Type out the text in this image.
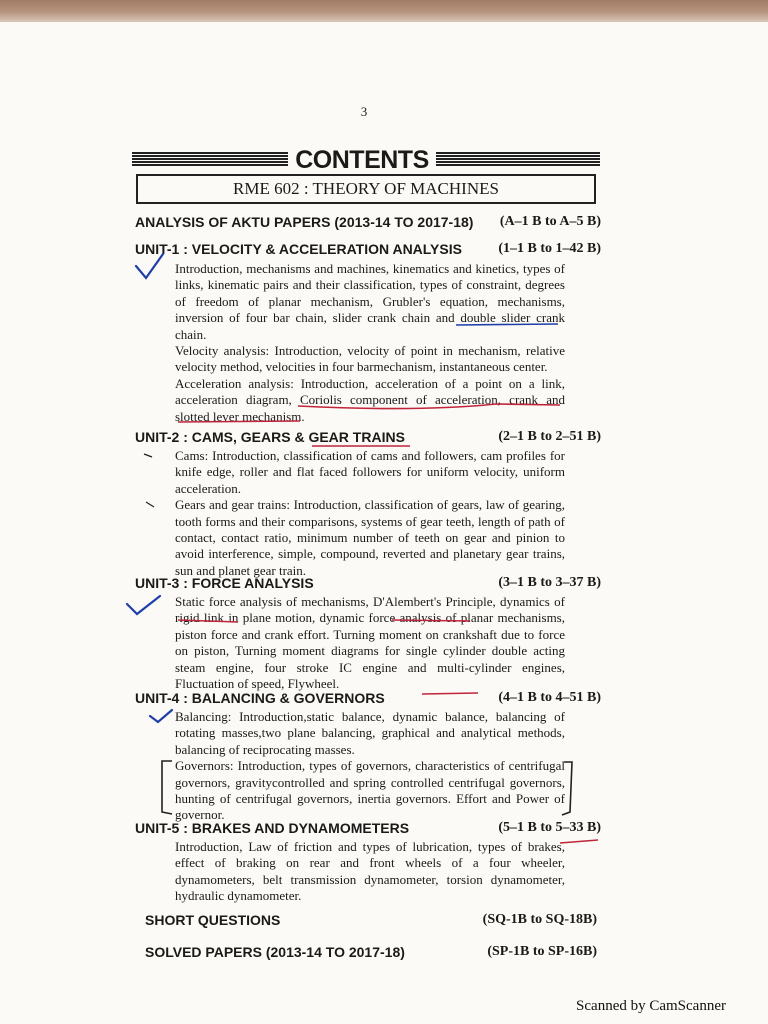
3
CONTENTS
RME 602 : THEORY OF MACHINES
ANALYSIS OF AKTU PAPERS (2013-14 TO 2017-18) (A–1 B to A–5 B)
UNIT-1 : VELOCITY & ACCELERATION ANALYSIS	(1–1 B to 1–42 B)

Introduction, mechanisms and machines, kinematics and kinetics, types of links, kinematic pairs and their classification, types of constraint, degrees of freedom of planar mechanism, Grubler's equation, mechanisms, inversion of four bar chain, slider crank chain and double slider crank chain.

Velocity analysis: Introduction, velocity of point in mechanism, relative velocity method, velocities in four barmechanism, instantaneous center.

Acceleration analysis: Introduction, acceleration of a point on a link, acceleration diagram, Coriolis component of acceleration, crank and slotted lever mechanism.

UNIT-2 : CAMS, GEARS & GEAR TRAINS	(2–1 B to 2–51 B)

Cams: Introduction, classification of cams and followers, cam profiles for knife edge, roller and flat faced followers for uniform velocity, uniform acceleration.

Gears and gear trains: Introduction, classification of gears, law of gearing, tooth forms and their comparisons, systems of gear teeth, length of path of contact, contact ratio, minimum number of teeth on gear and pinion to avoid interference, simple, compound, reverted and planetary gear trains, sun and planet gear train.

UNIT-3 : FORCE ANALYSIS	(3–1 B to 3–37 B)

Static force analysis of mechanisms, D'Alembert's Principle, dynamics of rigid link in plane motion, dynamic force analysis of planar mechanisms, piston force and crank effort. Turning moment on crankshaft due to force on piston, Turning moment diagrams for single cylinder double acting steam engine, four stroke IC engine and multi-cylinder engines, Fluctuation of speed, Flywheel.

UNIT-4 : BALANCING & GOVERNORS	(4–1 B to 4–51 B)

Balancing: Introduction,static balance, dynamic balance, balancing of rotating masses,two plane balancing, graphical and analytical methods, balancing of reciprocating masses.

Governors: Introduction, types of governors, characteristics of centrifugal governors, gravitycontrolled and spring controlled centrifugal governors, hunting of centrifugal governors, inertia governors. Effort and Power of governor.

UNIT-5 : BRAKES AND DYNAMOMETERS	(5–1 B to 5–33 B)

Introduction, Law of friction and types of lubrication, types of brakes, effect of braking on rear and front wheels of a four wheeler, dynamometers, belt transmission dynamometer, torsion dynamometer, hydraulic dynamometer.

SHORT QUESTIONS	(SQ-1B to SQ-18B)
SOLVED PAPERS (2013-14 TO 2017-18)	(SP-1B to SP-16B)
Scanned by CamScanner
